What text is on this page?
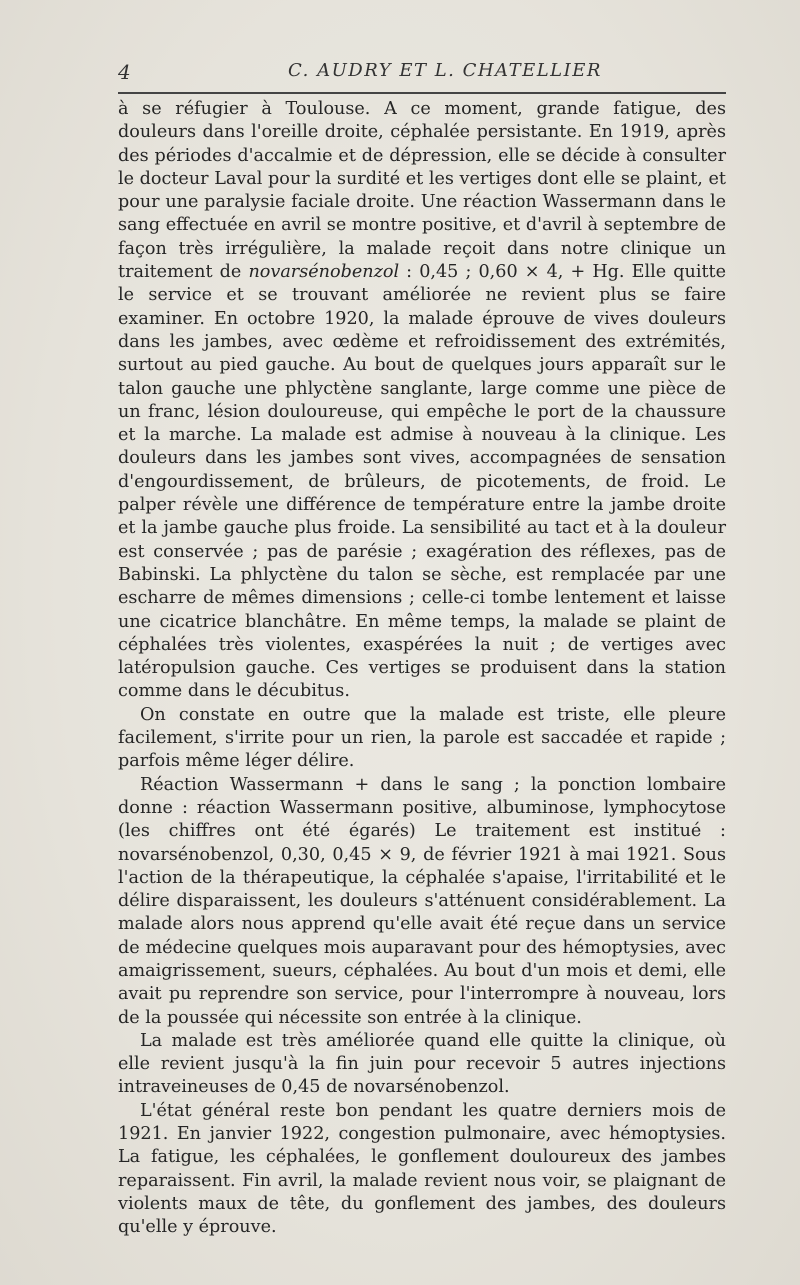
4	C. AUDRY ET L. CHATELLIER

à se réfugier à Toulouse. A ce moment, grande fatigue, des douleurs dans l'oreille droite, céphalée persistante. En 1919, après des périodes d'accalmie et de dépression, elle se décide à consulter le docteur Laval pour la surdité et les vertiges dont elle se plaint, et pour une paralysie faciale droite. Une réaction Wassermann dans le sang effectuée en avril se montre positive, et d'avril à septembre de façon très irrégulière, la malade reçoit dans notre clinique un traitement de novarsénobenzol : 0,45 ; 0,60 × 4, + Hg. Elle quitte le service et se trouvant améliorée ne revient plus se faire examiner. En octobre 1920, la malade éprouve de vives douleurs dans les jambes, avec œdème et refroidissement des extrémités, surtout au pied gauche. Au bout de quelques jours apparaît sur le talon gauche une phlyctène sanglante, large comme une pièce de un franc, lésion douloureuse, qui empêche le port de la chaussure et la marche. La malade est admise à nouveau à la clinique. Les douleurs dans les jambes sont vives, accompagnées de sensation d'engourdissement, de brûleurs, de picotements, de froid. Le palper révèle une différence de température entre la jambe droite et la jambe gauche plus froide. La sensibilité au tact et à la douleur est conservée ; pas de parésie ; exagération des réflexes, pas de Babinski. La phlyctène du talon se sèche, est remplacée par une escharre de mêmes dimensions ; celle-ci tombe lentement et laisse une cicatrice blanchâtre. En même temps, la malade se plaint de céphalées très violentes, exaspérées la nuit ; de vertiges avec latéropulsion gauche. Ces vertiges se produisent dans la station comme dans le décubitus.

On constate en outre que la malade est triste, elle pleure facilement, s'irrite pour un rien, la parole est saccadée et rapide ; parfois même léger délire.

Réaction Wassermann + dans le sang ; la ponction lombaire donne : réaction Wassermann positive, albuminose, lymphocytose (les chiffres ont été égarés) Le traitement est institué : novarsénobenzol, 0,30, 0,45 × 9, de février 1921 à mai 1921. Sous l'action de la thérapeutique, la céphalée s'apaise, l'irritabilité et le délire disparaissent, les douleurs s'atténuent considérablement. La malade alors nous apprend qu'elle avait été reçue dans un service de médecine quelques mois auparavant pour des hémoptysies, avec amaigrissement, sueurs, céphalées. Au bout d'un mois et demi, elle avait pu reprendre son service, pour l'interrompre à nouveau, lors de la poussée qui nécessite son entrée à la clinique.

La malade est très améliorée quand elle quitte la clinique, où elle revient jusqu'à la fin juin pour recevoir 5 autres injections intraveineuses de 0,45 de novarsénobenzol.

L'état général reste bon pendant les quatre derniers mois de 1921. En janvier 1922, congestion pulmonaire, avec hémoptysies. La fatigue, les céphalées, le gonflement douloureux des jambes reparaissent. Fin avril, la malade revient nous voir, se plaignant de violents maux de tête, du gonflement des jambes, des douleurs qu'elle y éprouve.
